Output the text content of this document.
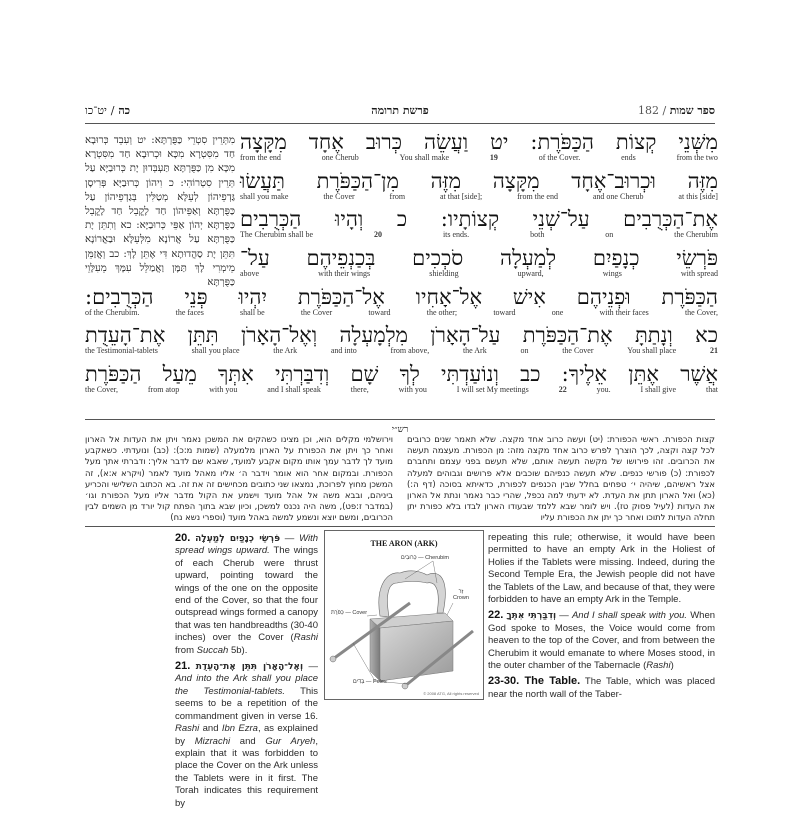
כה / יט־כו	פרשת תרומה	182 / ספר שמות
מִתְּרֵין סִטְרֵי כַּפֻּרְתָּא: יט וְעִבֵד כְּרוּבָא חַד מִסִּטְרָא מִכָּא וּכְרוּבָא חַד מִסִּטְרָא מִכָּא מִן כַּפֻּרְתָּא תַּעְבְּדוּן יָת כְּרוּבַיָּא עַל תְּרֵין סִטְרוֹהִי: כ וִיהוֹן כְּרוּבַיָּא פְּרִיסָן גַּדְפֵיהוֹן לְעֵלָּא מְטַלִּין בְּגַדְפֵיהוֹן עַל כַּפֻּרְתָּא וְאַפֵּיהוֹן חַד לָקֳבֵל חַד לָקֳבֵל כַּפֻּרְתָּא יְהוֹן אַפֵּי כְּרוּבַיָּא: כא וְתִתֵּן יָת כַּפֻּרְתָּא עַל אֲרוֹנָא מִלְּעֵלָּא וּבַאֲרוֹנָא תִּתֵּן יָת סַהֲדוּתָא דִּי אֶתֵּן לָךְ: כב וְאֲזַמֵּן מֵימְרִי לָךְ תַּמָּן וַאֲמַלֵּל עִמָּךְ מֵעִלָּוֵי כַּפֻּרְתָּא
מִשְּׁנֵי קְצוֹת הַכַּפֹּרֶת: יט וַעֲשֵׂה כְּרוּב אֶחָד מִקָּצָה
from the two
ends
of the Cover.
19
You shall make
one Cherub
from the end
מִזֶּה וּכְרוּב־אֶחָד מִקָּצָה מִזֶּה מִן־הַכַּפֹּרֶת תַּעֲשׂוּ
at this [side]
and one Cherub
from the end
at that [side];
from
the Cover
shall you make
אֶת־הַכְּרֻבִים עַל־שְׁנֵי קְצוֹתָיו: כ וְהָיוּ הַכְּרֻבִים
the Cherubim
on
both
its ends.
20
The Cherubim shall be
פֹּרְשֵׂי כְנָפַיִם לְמַעְלָה סֹכְכִים בְּכַנְפֵיהֶם עַל־
with spread
wings
upward,
shielding
with their wings
above
הַכַּפֹּרֶת וּפְנֵיהֶם אִישׁ אֶל־אָחִיו אֶל־הַכַּפֹּרֶת יִהְיוּ פְּנֵי הַכְּרֻבִים:
the Cover,
with their faces
one
toward
the other;
toward
the Cover
shall be
the faces
of the Cherubim.
כא וְנָתַתָּ אֶת־הַכַּפֹּרֶת עַל־הָאָרֹן מִלְמָעְלָה וְאֶל־הָאָרֹן תִּתֵּן אֶת־הָעֵדֻת
21
You shall place
the Cover
on
the Ark
from above,
and into
the Ark
shall you place
the Testimonial-tablets
אֲשֶׁר אֶתֵּן אֵלֶיךָ: כב וְנוֹעַדְתִּי לְךָ שָׁם וְדִבַּרְתִּי אִתְּךָ מֵעַל הַכַּפֹּרֶת
that
I shall give
you.
22
I will set My meetings
with you
there,
and I shall speak
with you
from atop
the Cover,
רש״י
קצות הכפורת. ראשי הכפורת: (יט) ועשה כרוב אחד מקצה. שלא תאמר שנים כרובים לכל קצה וקצה, לכך הוצרך לפרש כרוב אחד מקצה מזה: מן הכפורת. מעצמה תעשה את הכרובים. זהו פירושו של מקשה תעשה אותם, שלא תעשם בפני עצמם ותחברם לכפורת: (כ) פורשי כנפים. שלא תעשה כנפיהם שוכבים אלא פרושים וגבוהים למעלה אצל ראשיהם, שיהיה י׳ טפחים בחלל שבין הכנפים לכפורת, כדאיתא בסוכה (דף ה:) (כא) ואל הארון תתן את העדת. לא ידעתי למה נכפל, שהרי כבר נאמר ונתת אל הארון את העדות (לעיל פסוק טז). ויש לומר שבא ללמד שבעודו הארון לבדו בלא כפורת יתן תחלה העדות לתוכו ואחר כך יתן את הכפורת עליו
וירושלמי מקלים הוא, וכן מצינו כשהקים את המשכן נאמר ויתן את העדות אל הארון ואחר כך ויתן את הכפורת על הארון מלמעלה (שמות מ:כ): (כב) ונועדתי. כשאקבע מועד לך לדבר עמך אותו מקום אקבע למועד, שאבא שם לדבר אליך: ודברתי אתך מעל הכפורת. ובמקום אחר הוא אומר וידבר ה׳ אליו מאהל מועד לאמר (ויקרא א:א), זה המשכן מחוץ לפרוכת, נמצאו שני כתובים מכחישים זה את זה. בא הכתוב השלישי והכריע ביניהם, ובבא משה אל אהל מועד וישמע את הקול מדבר אליו מעל הכפורת וגו׳ (במדבר ז:פט), משה היה נכנס למשכן, וכיון שבא בתוך הפתח קול יורד מן השמים לבין הכרובים, ומשם יוצא ונשמע למשה באהל מועד (וספרי נשא נח)

20. פֹּרְשֵׂי כְנָפַיִם לְמַעְלָה — With spread wings upward. The wings of each Cherub were thrust upward, pointing toward the wings of the one on the opposite end of the Cover, so that the four outspread wings formed a canopy that was ten handbreadths (30-40 inches) over the Cover (Rashi from Succah 5b).

21. וְאֶל־הָאָרֹן תִּתֵּן אֶת־הָעֵדֻת — And into the Ark shall you place the Testimonial-tablets. This seems to be a repetition of the commandment given in verse 16. Rashi and Ibn Ezra, as explained by Mizrachi and Gur Aryeh, explain that it was forbidden to place the Cover on the Ark unless the Tablets were in it first. The Torah indicates this requirement by

THE ARON (ARK)
כְּרוּבִים — Cherubim
זֵר
Crown
כַּפֹּרֶת — Cover
בַּדִּים — Poles
© 2008 ATG, All rights reserved

repeating this rule; otherwise, it would have been permitted to have an empty Ark in the Holiest of Holies if the Tablets were missing. Indeed, during the Second Temple Era, the Jewish people did not have the Tablets of the Law, and because of that, they were forbidden to have an empty Ark in the Temple.

22. וְדִבַּרְתִּי אִתְּךָ — And I shall speak with you. When God spoke to Moses, the Voice would come from heaven to the top of the Cover, and from between the Cherubim it would emanate to where Moses stood, in the outer chamber of the Tabernacle (Rashi)

23-30. The Table. The Table, which was placed near the north wall of the Taber-
